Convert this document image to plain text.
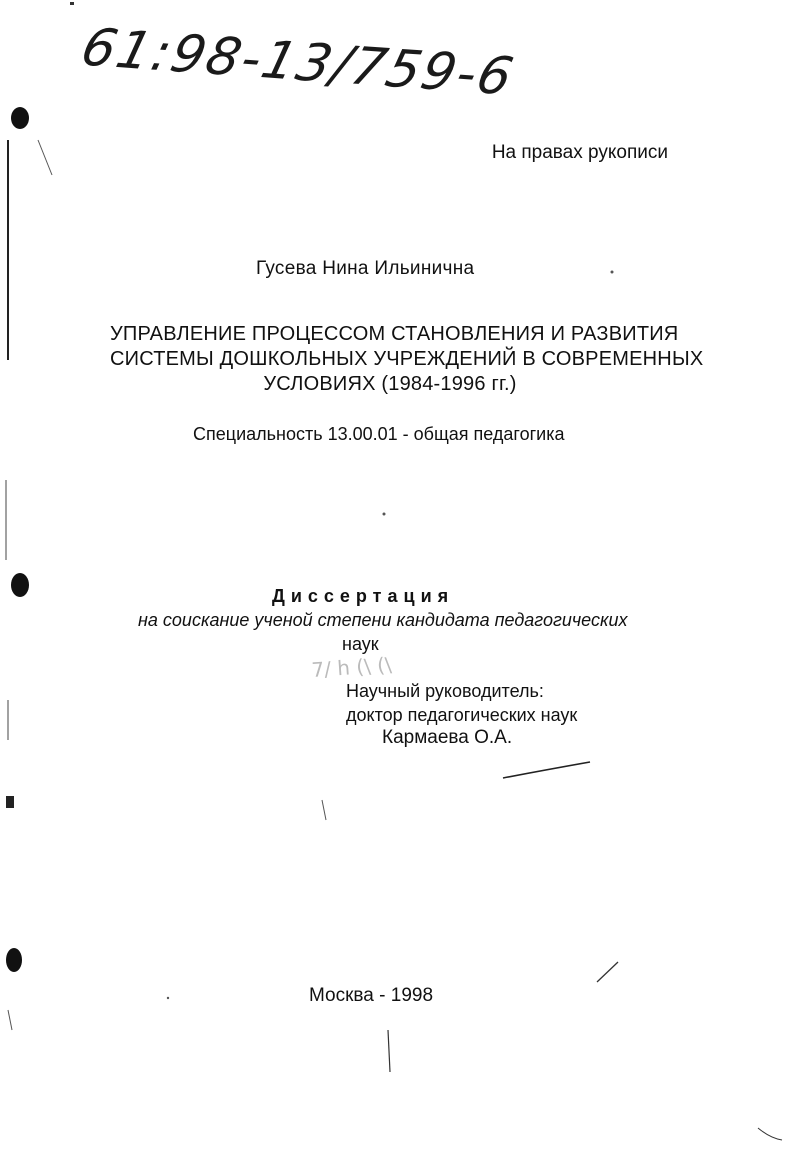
7/ h (\ (\
61:98-13/759-6
На правах рукописи
Гусева Нина Ильинична
УПРАВЛЕНИЕ ПРОЦЕССОМ СТАНОВЛЕНИЯ И РАЗВИТИЯ
СИСТЕМЫ ДОШКОЛЬНЫХ УЧРЕЖДЕНИЙ В СОВРЕМЕННЫХ
УСЛОВИЯХ (1984-1996 гг.)
Специальность 13.00.01 - общая педагогика
Диссертация
на соискание ученой степени кандидата педагогических
наук
Научный руководитель:
доктор педагогических наук
Кармаева О.А.
Москва - 1998
